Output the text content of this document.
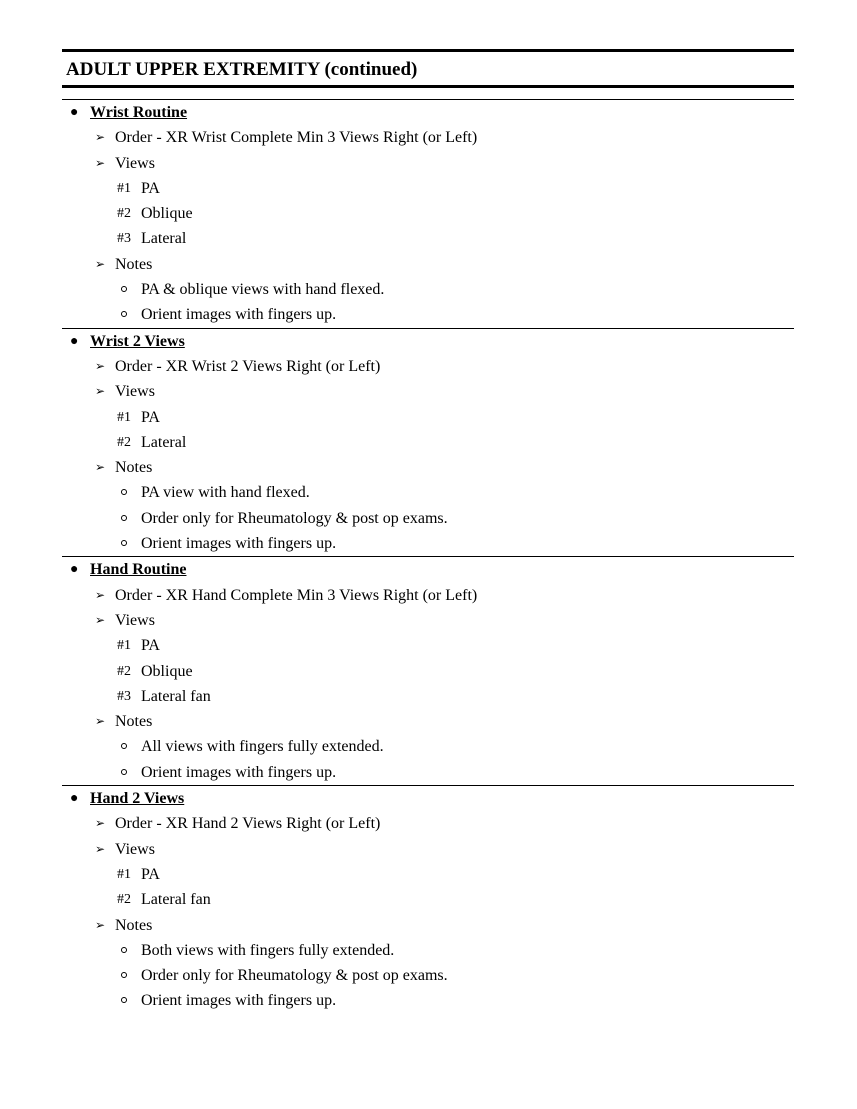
ADULT UPPER EXTREMITY (continued)
● Wrist Routine
➢ Order - XR Wrist Complete Min 3 Views Right (or Left)
➢ Views
#1 PA
#2 Oblique
#3 Lateral
➢ Notes
PA & oblique views with hand flexed.
Orient images with fingers up.
● Wrist 2 Views
➢ Order - XR Wrist 2 Views Right (or Left)
➢ Views
#1 PA
#2 Lateral
➢ Notes
PA view with hand flexed.
Order only for Rheumatology & post op exams.
Orient images with fingers up.
● Hand Routine
➢ Order - XR Hand Complete Min 3 Views Right (or Left)
➢ Views
#1 PA
#2 Oblique
#3 Lateral fan
➢ Notes
All views with fingers fully extended.
Orient images with fingers up.
● Hand 2 Views
➢ Order - XR Hand 2 Views Right (or Left)
➢ Views
#1 PA
#2 Lateral fan
➢ Notes
Both views with fingers fully extended.
Order only for Rheumatology & post op exams.
Orient images with fingers up.
